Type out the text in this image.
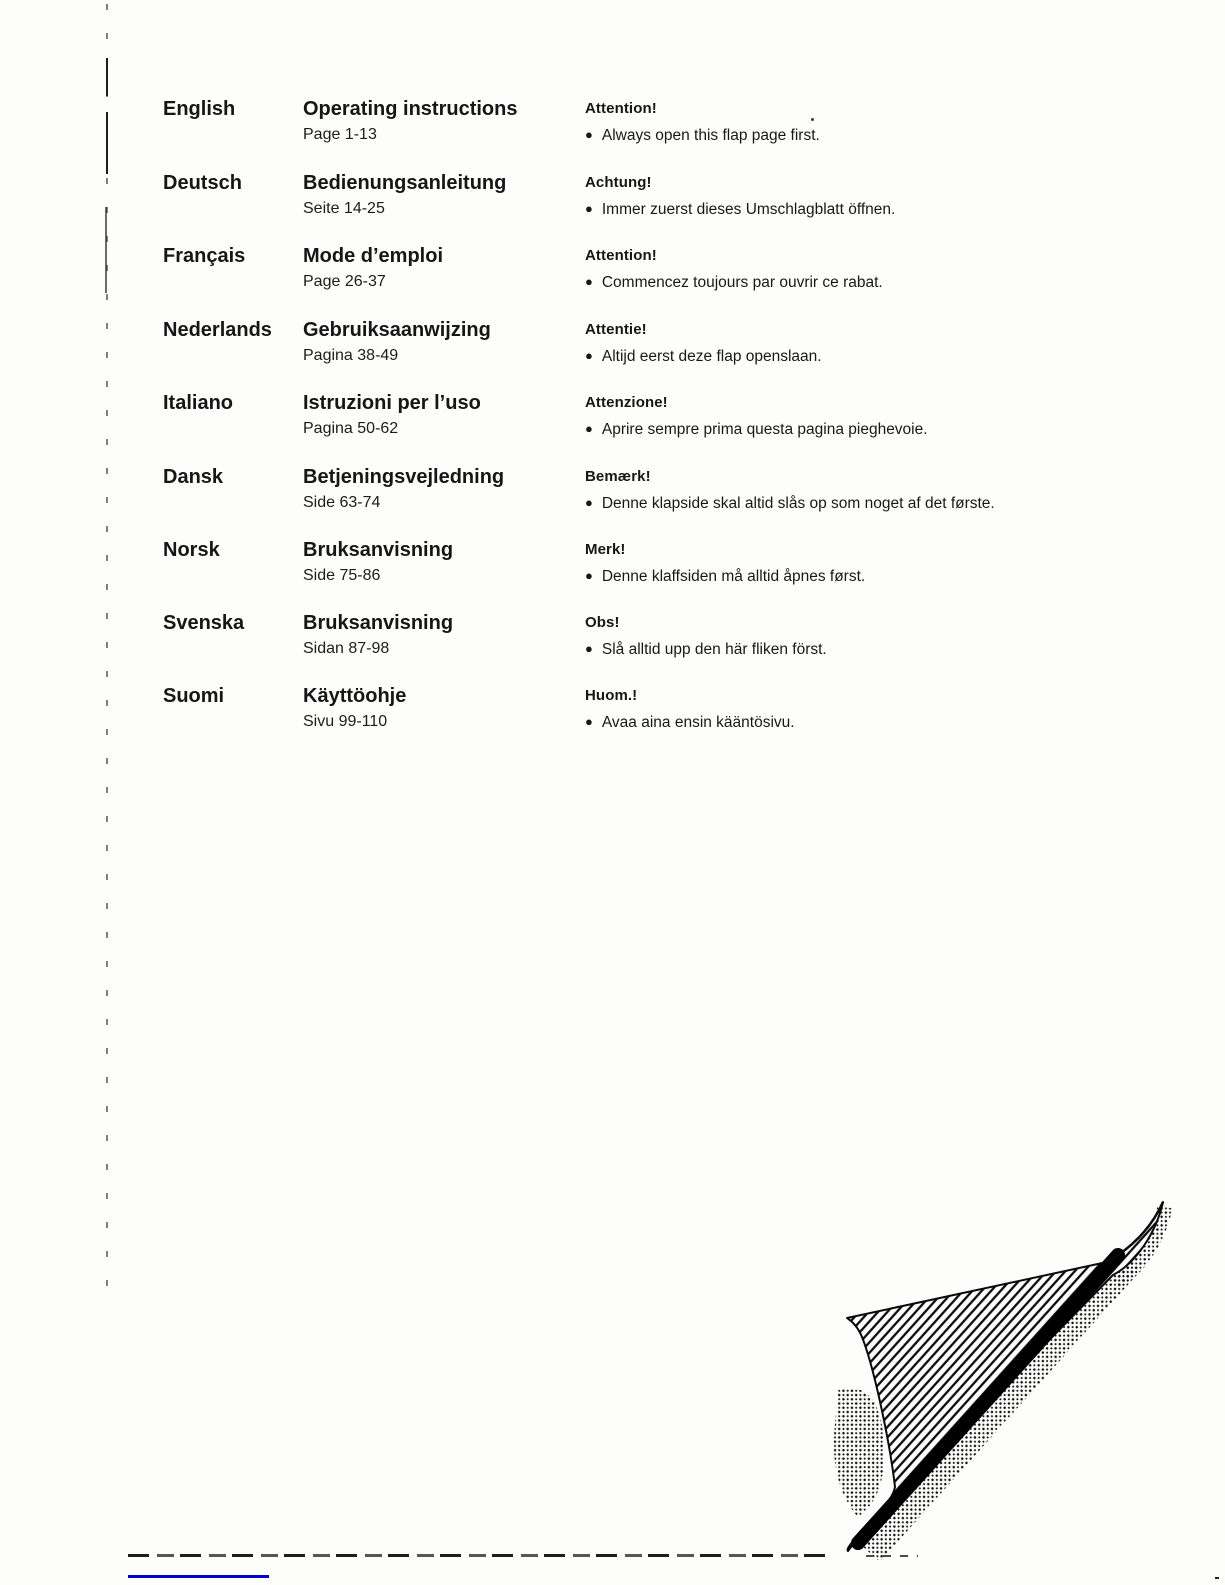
English	Operating instructions
Page 1-13
Attention!
● Always open this flap page first.
Deutsch	Bedienungsanleitung
Seite 14-25
Achtung!
● Immer zuerst dieses Umschlagblatt öffnen.
Français	Mode d’emploi
Page 26-37
Attention!
● Commencez toujours par ouvrir ce rabat.
Nederlands	Gebruiksaanwijzing
Pagina 38-49
Attentie!
● Altijd eerst deze flap openslaan.
Italiano	Istruzioni per l’uso
Pagina 50-62
Attenzione!
● Aprire sempre prima questa pagina pieghevoie.
Dansk	Betjeningsvejledning
Side 63-74
Bemærk!
● Denne klapside skal altid slås op som noget af det første.
Norsk	Bruksanvisning
Side 75-86
Merk!
● Denne klaffsiden må alltid åpnes først.
Svenska	Bruksanvisning
Sidan 87-98
Obs!
● Slå alltid upp den här fliken först.
Suomi	Käyttöohje
Sivu 99-110
Huom.!
● Avaa aina ensin kääntösivu.
